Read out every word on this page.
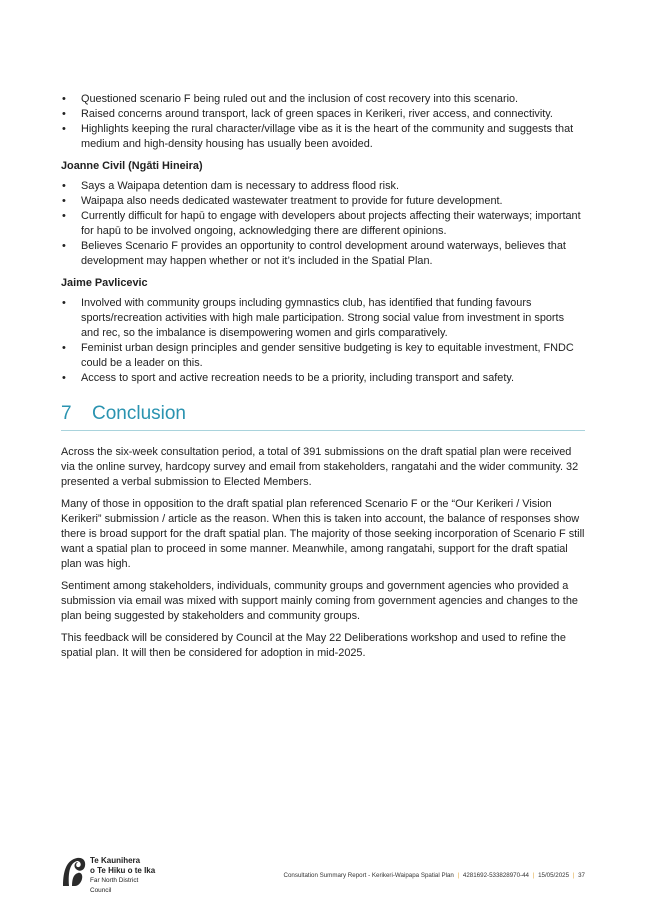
• Questioned scenario F being ruled out and the inclusion of cost recovery into this scenario.
• Raised concerns around transport, lack of green spaces in Kerikeri, river access, and connectivity.
• Highlights keeping the rural character/village vibe as it is the heart of the community and suggests that medium and high-density housing has usually been avoided.
Joanne Civil (Ngāti Hineira)
• Says a Waipapa detention dam is necessary to address flood risk.
• Waipapa also needs dedicated wastewater treatment to provide for future development.
• Currently difficult for hapū to engage with developers about projects affecting their waterways; important for hapū to be involved ongoing, acknowledging there are different opinions.
• Believes Scenario F provides an opportunity to control development around waterways, believes that development may happen whether or not it’s included in the Spatial Plan.
Jaime Pavlicevic
• Involved with community groups including gymnastics club, has identified that funding favours sports/recreation activities with high male participation. Strong social value from investment in sports and rec, so the imbalance is disempowering women and girls comparatively.
• Feminist urban design principles and gender sensitive budgeting is key to equitable investment, FNDC could be a leader on this.
• Access to sport and active recreation needs to be a priority, including transport and safety.
7 Conclusion

Across the six-week consultation period, a total of 391 submissions on the draft spatial plan were received via the online survey, hardcopy survey and email from stakeholders, rangatahi and the wider community. 32 presented a verbal submission to Elected Members.

Many of those in opposition to the draft spatial plan referenced Scenario F or the “Our Kerikeri / Vision Kerikeri” submission / article as the reason. When this is taken into account, the balance of responses show there is broad support for the draft spatial plan. The majority of those seeking incorporation of Scenario F still want a spatial plan to proceed in some manner. Meanwhile, among rangatahi, support for the draft spatial plan was high.

Sentiment among stakeholders, individuals, community groups and government agencies who provided a submission via email was mixed with support mainly coming from government agencies and changes to the plan being suggested by stakeholders and community groups.

This feedback will be considered by Council at the May 22 Deliberations workshop and used to refine the spatial plan. It will then be considered for adoption in mid-2025.

Te Kaunihera
o Te Hiku o te Ika
Far North District Council
Consultation Summary Report - Kerikeri-Waipapa Spatial Plan | 4281692-533828970-44 | 15/05/2025 | 37
